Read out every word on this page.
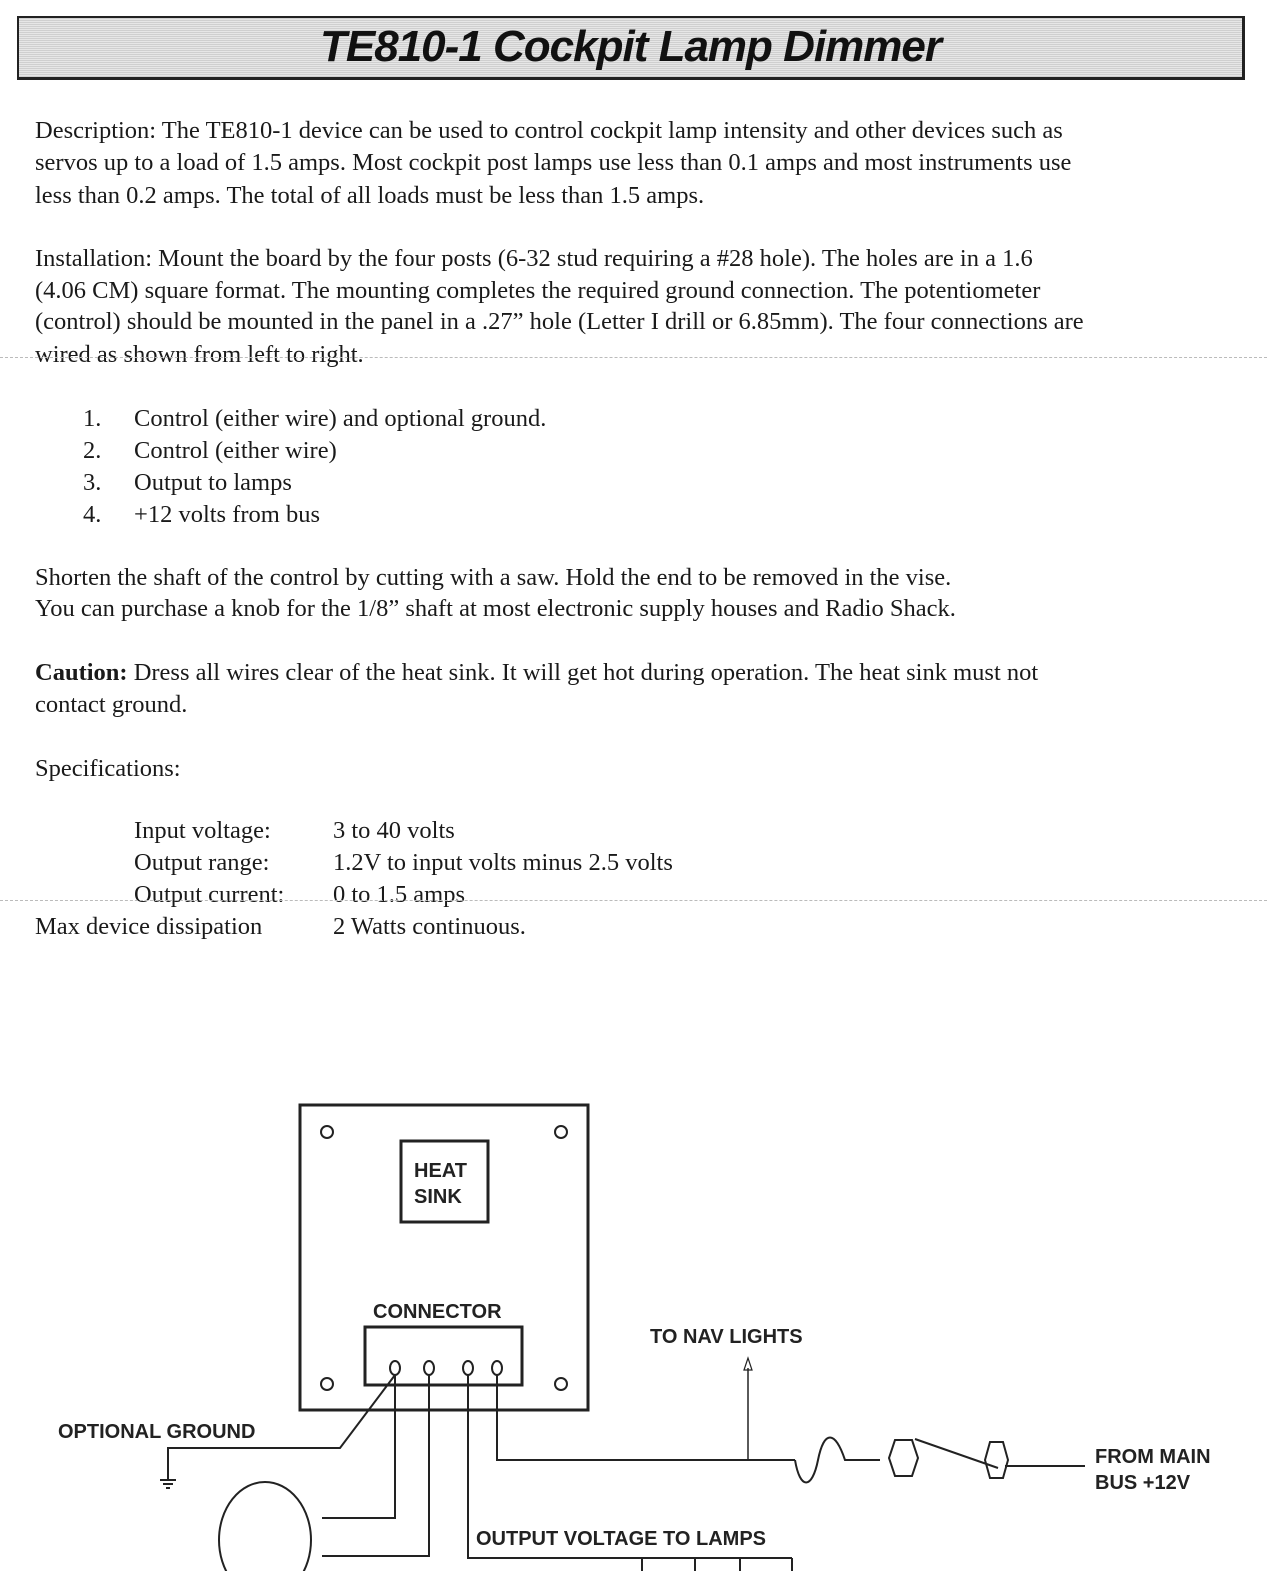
TE810-1 Cockpit Lamp Dimmer
Description: The TE810-1 device can be used to control cockpit lamp intensity and other devices such as
servos up to a load of 1.5 amps. Most cockpit post lamps use less than 0.1 amps and most instruments use
less than 0.2 amps. The total of all loads must be less than 1.5 amps.
Installation: Mount the board by the four posts (6-32 stud requiring a #28 hole). The holes are in a 1.6
(4.06 CM) square format. The mounting completes the required ground connection. The potentiometer
(control) should be mounted in the panel in a .27” hole (Letter I drill or 6.85mm). The four connections are
wired as shown from left to right.
1. Control (either wire) and optional ground.
2. Control (either wire)
3. Output to lamps
4. +12 volts from bus
Shorten the shaft of the control by cutting with a saw. Hold the end to be removed in the vise.
You can purchase a knob for the 1/8” shaft at most electronic supply houses and Radio Shack.
Caution: Dress all wires clear of the heat sink. It will get hot during operation. The heat sink must not
contact ground.
Specifications:
Input voltage:	3 to 40 volts
Output range:	1.2V to input volts minus 2.5 volts
Output current: 0 to 1.5 amps
Max device dissipation	2 Watts continuous.
HEAT
SINK
CONNECTOR
TO NAV LIGHTS
OPTIONAL GROUND
FROM MAIN
BUS +12V
OUTPUT VOLTAGE TO LAMPS
